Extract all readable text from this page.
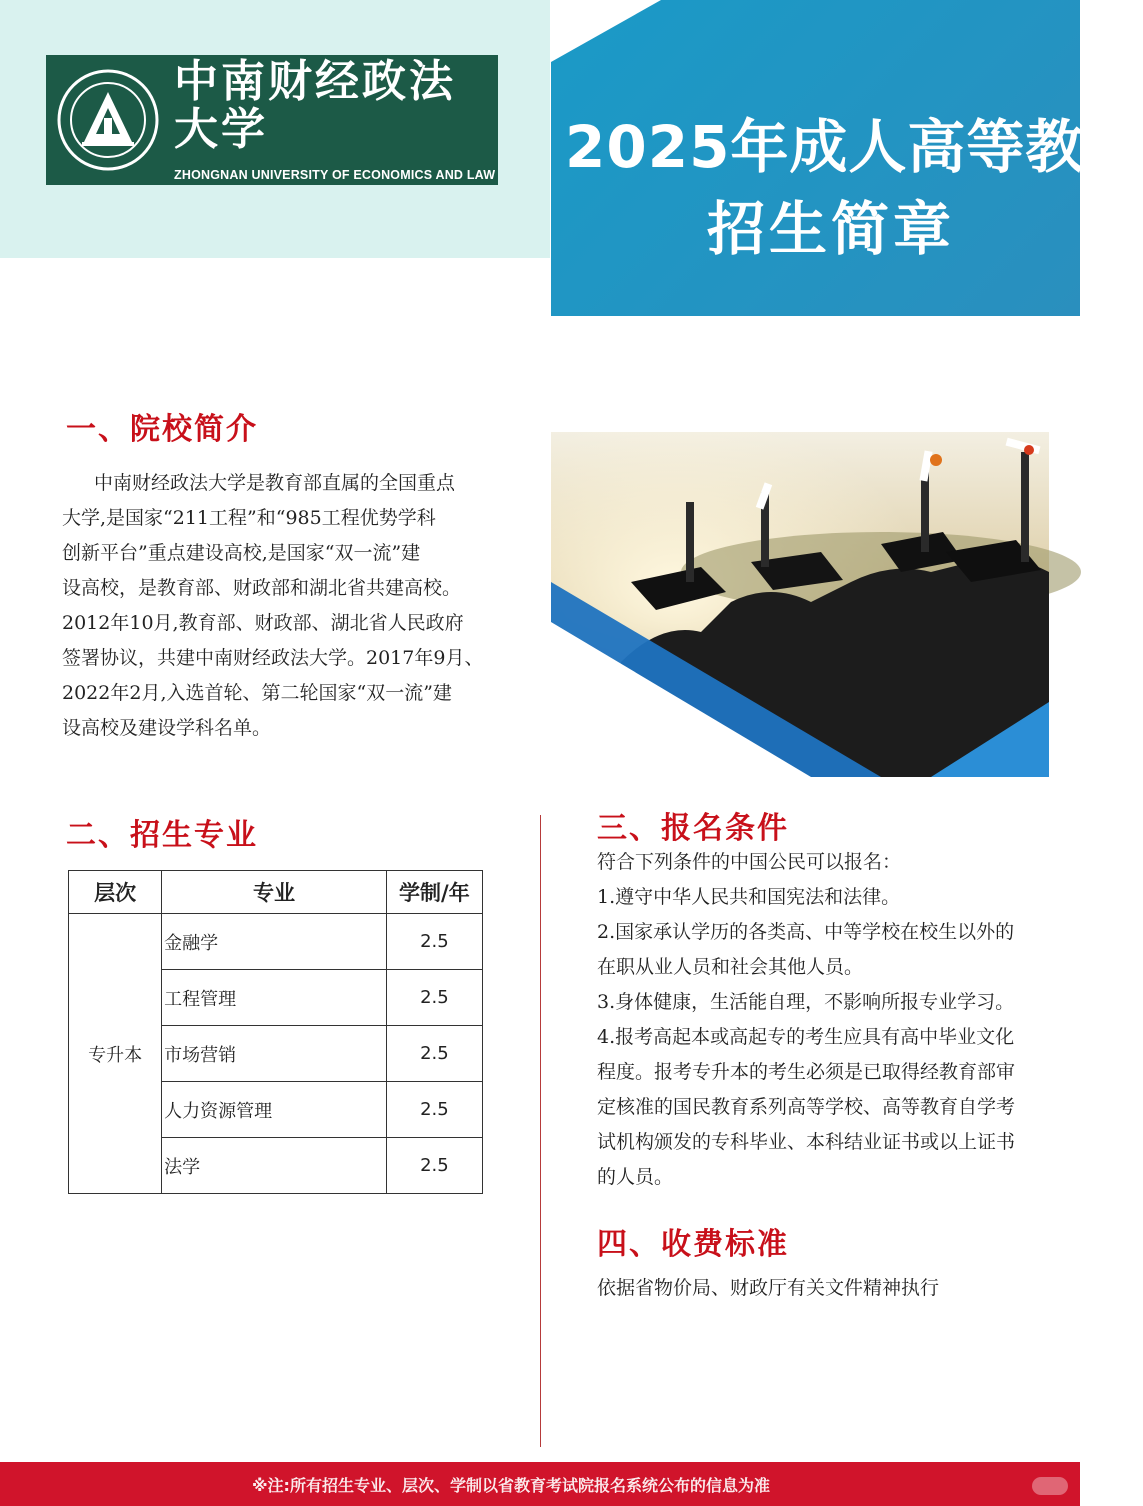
中南财经政法大学
ZHONGNAN UNIVERSITY OF ECONOMICS AND LAW 2025年成人高等教育
招生简章
一、院校简介

中南财经政法大学是教育部直属的全国重点

大学,是国家“211工程”和“985工程优势学科

创新平台”重点建设高校,是国家“双一流”建

设高校，是教育部、财政部和湖北省共建高校。

2012年10月,教育部、财政部、湖北省人民政府

签署协议，共建中南财经政法大学。2017年9月、

2022年2月,入选首轮、第二轮国家“双一流”建

设高校及建设学科名单。

二、招生专业
层次	专业	学制/年
专升本	金融学	2.5
	工程管理	2.5
	市场营销	2.5
	人力资源管理	2.5
	法学	2.5
三、报名条件

符合下列条件的中国公民可以报名：

1.遵守中华人民共和国宪法和法律。

2.国家承认学历的各类高、中等学校在校生以外的

在职从业人员和社会其他人员。

3.身体健康，生活能自理，不影响所报专业学习。

4.报考高起本或高起专的考生应具有高中毕业文化

程度。报考专升本的考生必须是已取得经教育部审

定核准的国民教育系列高等学校、高等教育自学考

试机构颁发的专科毕业、本科结业证书或以上证书

的人员。

四、收费标准

依据省物价局、财政厅有关文件精神执行

※注:所有招生专业、层次、学制以省教育考试院报名系统公布的信息为准
